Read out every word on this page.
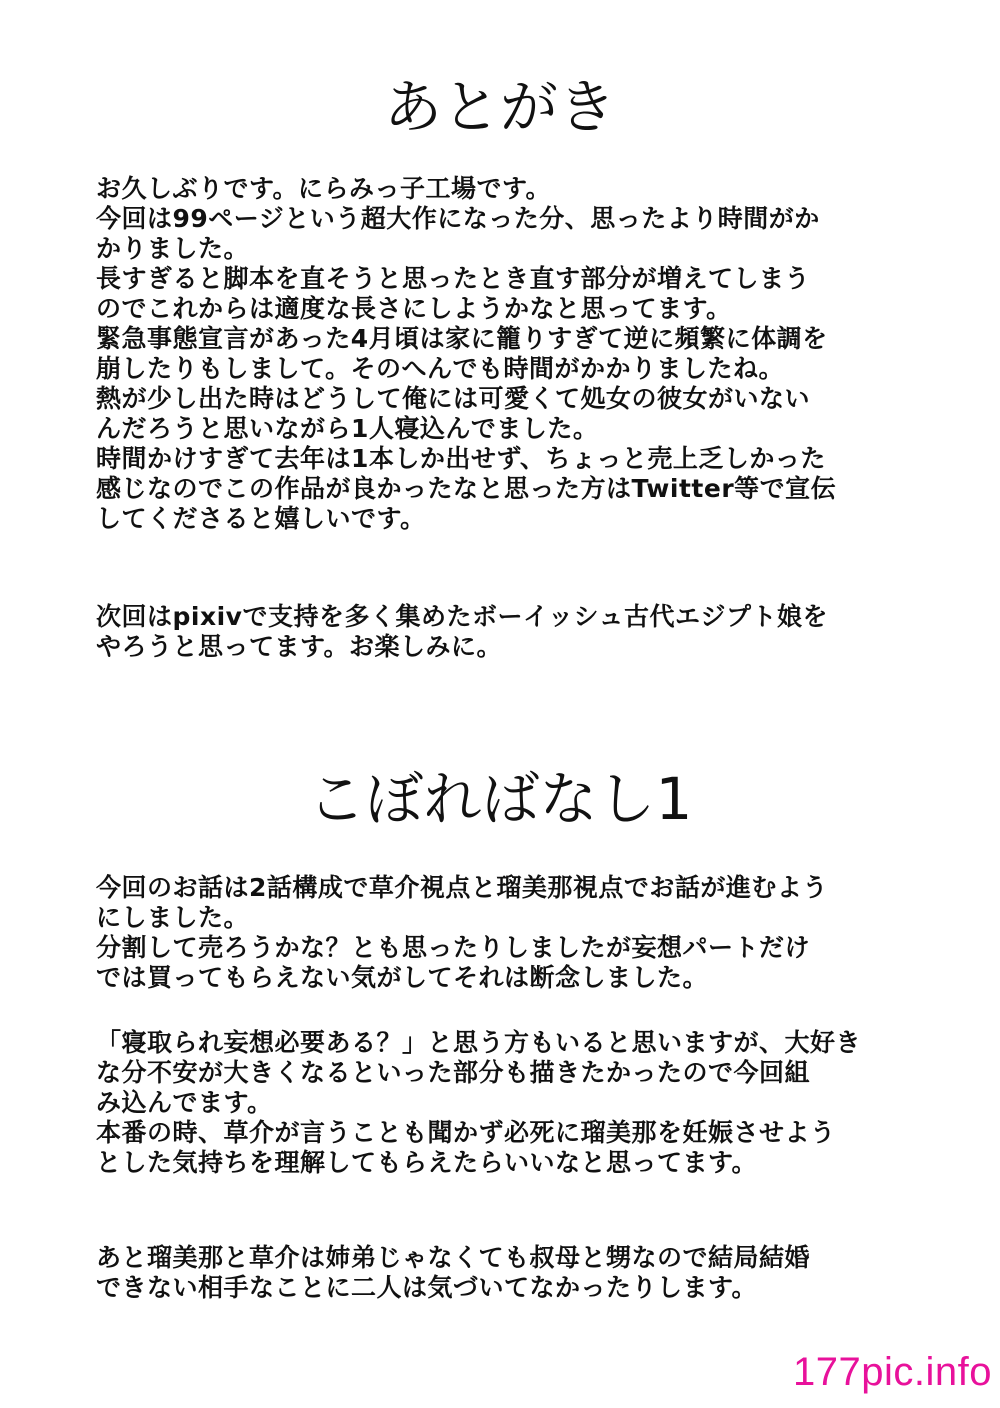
あとがき
お久しぶりです。にらみっ子工場です。
今回は99ページという超大作になった分、思ったより時間がか
かりました。
長すぎると脚本を直そうと思ったとき直す部分が増えてしまう
のでこれからは適度な長さにしようかなと思ってます。
緊急事態宣言があった4月頃は家に籠りすぎて逆に頻繁に体調を
崩したりもしまして。そのへんでも時間がかかりましたね。
熱が少し出た時はどうして俺には可愛くて処女の彼女がいない
んだろうと思いながら1人寝込んでました。
時間かけすぎて去年は1本しか出せず、ちょっと売上乏しかった
感じなのでこの作品が良かったなと思った方はTwitter等で宣伝
してくださると嬉しいです。
次回はpixivで支持を多く集めたボーイッシュ古代エジプト娘を
やろうと思ってます。お楽しみに。
こぼればなし1
今回のお話は2話構成で草介視点と瑠美那視点でお話が進むよう
にしました。
分割して売ろうかな？とも思ったりしましたが妄想パートだけ
では買ってもらえない気がしてそれは断念しました。
「寝取られ妄想必要ある？」と思う方もいると思いますが、大好き
な分不安が大きくなるといった部分も描きたかったので今回組
み込んでます。
本番の時、草介が言うことも聞かず必死に瑠美那を妊娠させよう
とした気持ちを理解してもらえたらいいなと思ってます。
あと瑠美那と草介は姉弟じゃなくても叔母と甥なので結局結婚
できない相手なことに二人は気づいてなかったりします。
177pic.info
